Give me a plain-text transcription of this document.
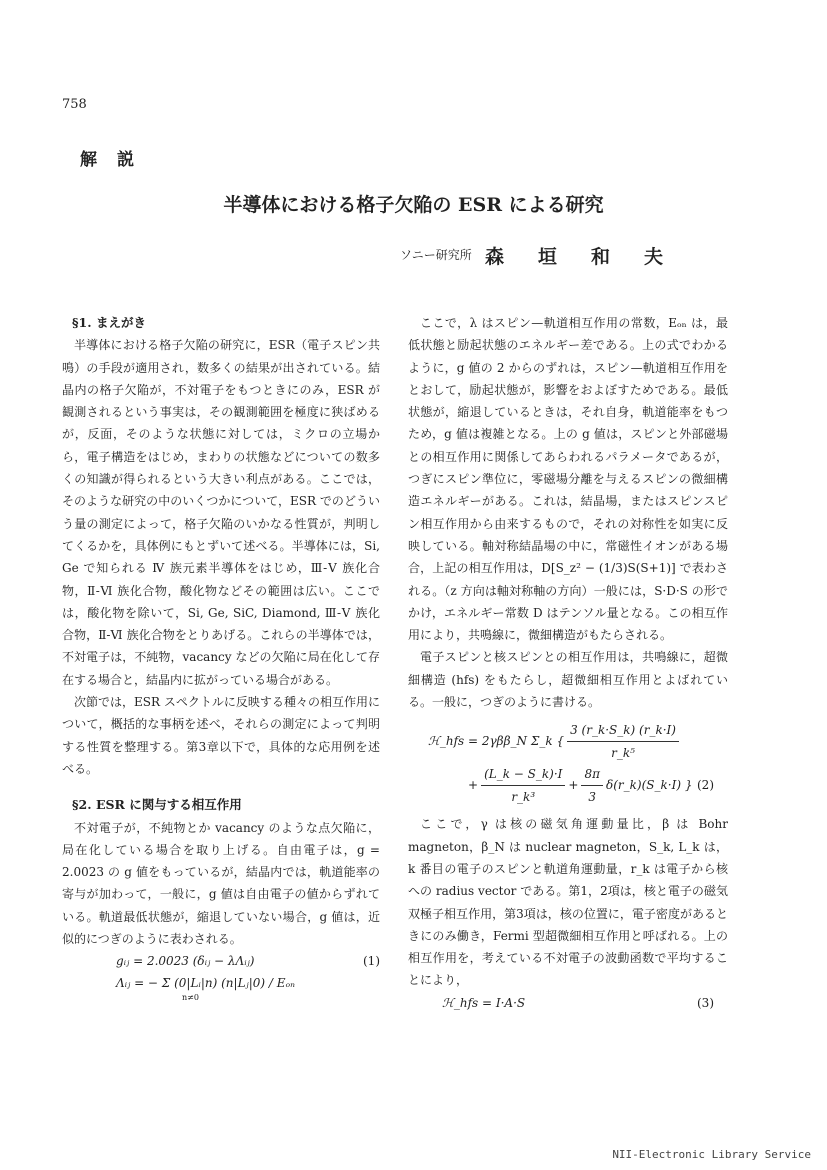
758
解説
半導体における格子欠陥の ESR による研究
ソニー研究所 森垣和夫
§1. まえがき

半導体における格子欠陥の研究に，ESR（電子スピン共鳴）の手段が適用され，数多くの結果が出されている。結晶内の格子欠陥が，不対電子をもつときにのみ，ESR が観測されるという事実は，その観測範囲を極度に狭ばめるが，反面，そのような状態に対しては，ミクロの立場から，電子構造をはじめ，まわりの状態などについての数多くの知識が得られるという大きい利点がある。ここでは，そのような研究の中のいくつかについて，ESR でのどういう量の測定によって，格子欠陥のいかなる性質が，判明してくるかを，具体例にもとずいて述べる。半導体には，Si, Ge で知られる Ⅳ 族元素半導体をはじめ，Ⅲ-Ⅴ 族化合物，Ⅱ-Ⅵ 族化合物，酸化物などその範囲は広い。ここでは，酸化物を除いて，Si, Ge, SiC, Diamond, Ⅲ-Ⅴ 族化合物，Ⅱ-Ⅵ 族化合物をとりあげる。これらの半導体では，不対電子は，不純物，vacancy などの欠陥に局在化して存在する場合と，結晶内に拡がっている場合がある。

次節では，ESR スペクトルに反映する種々の相互作用について，概括的な事柄を述べ，それらの測定によって判明する性質を整理する。第3章以下で，具体的な応用例を述べる。

§2. ESR に関与する相互作用

不対電子が，不純物とか vacancy のような点欠陥に，局在化している場合を取り上げる。自由電子は，g = 2.0023 の g 値をもっているが，結晶内では，軌道能率の寄与が加わって，一般に，g 値は自由電子の値からずれている。軌道最低状態が，縮退していない場合，g 値は，近似的につぎのように表わされる。

gᵢⱼ = 2.0023 (δᵢⱼ − λΛᵢⱼ)	(1)
Λᵢⱼ = − Σ (0|Lᵢ|n) (n|Lⱼ|0) / Eₒₙ
n≠0

ここで，λ はスピン—軌道相互作用の常数，Eₒₙ は，最低状態と励起状態のエネルギー差である。上の式でわかるように，g 値の 2 からのずれは，スピン—軌道相互作用をとおして，励起状態が，影響をおよぼすためである。最低状態が，縮退しているときは，それ自身，軌道能率をもつため，g 値は複雑となる。上の g 値は，スピンと外部磁場との相互作用に関係してあらわれるパラメータであるが，つぎにスピン準位に，零磁場分離を与えるスピンの微細構造エネルギーがある。これは，結晶場，またはスピンスピン相互作用から由来するもので，それの対称性を如実に反映している。軸対称結晶場の中に，常磁性イオンがある場合，上記の相互作用は，D[S_z² − (1/3)S(S+1)] で表わされる。（z 方向は軸対称軸の方向）一般には，S·D·S の形でかけ，エネルギー常数 D はテンソル量となる。この相互作用により，共鳴線に，微細構造がもたらされる。

電子スピンと核スピンとの相互作用は，共鳴線に，超微細構造 (hfs) をもたらし，超微細相互作用とよばれている。一般に，つぎのように書ける。

ℋ_hfs = 2γββ_N Σ_k { $\frac{3 (r\_k\cdot S\_k) (r\_k\cdot I)}{\text{r\_k⁵}}$
+ $\frac{(L\_k - S\_k)\cdot I}{\text{r\_k³}} + \frac{8\pi}{3}$ δ(r_k)(S_k·I) } (2)

ここで，γ は核の磁気角運動量比，β は Bohr magneton，β_N は nuclear magneton，S_k, L_k は，k 番目の電子のスピンと軌道角運動量，r_k は電子から核への radius vector である。第1，2項は，核と電子の磁気双極子相互作用，第3項は，核の位置に，電子密度があるときにのみ働き，Fermi 型超微細相互作用と呼ばれる。上の相互作用を，考えている不対電子の波動函数で平均することにより，

ℋ_hfs = I·A·S	(3)
NII-Electronic Library Service
